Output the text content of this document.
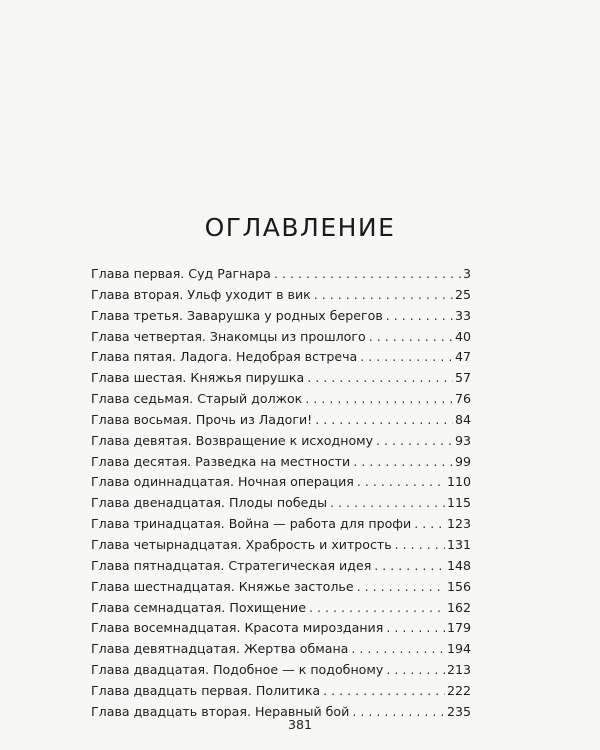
ОГЛАВЛЕНИЕ
Глава первая. Суд Рагнара . . .	3
Глава вторая. Ульф уходит в вик . . .	25
Глава третья. Заварушка у родных берегов . . .	33
Глава четвертая. Знакомцы из прошлого . . .	40
Глава пятая. Ладога. Недобрая встреча . . .	47
Глава шестая. Княжья пирушка . . .	57
Глава седьмая. Старый должок . . .	76
Глава восьмая. Прочь из Ладоги! . . .	84
Глава девятая. Возвращение к исходному . . .	93
Глава десятая. Разведка на местности . . .	99
Глава одиннадцатая. Ночная операция . . .	110
Глава двенадцатая. Плоды победы . . .	115
Глава тринадцатая. Война — работа для профи . . .	123
Глава четырнадцатая. Храбрость и хитрость . . .	131
Глава пятнадцатая. Стратегическая идея . . .	148
Глава шестнадцатая. Княжье застолье . . .	156
Глава семнадцатая. Похищение . . .	162
Глава восемнадцатая. Красота мироздания . . .	179
Глава девятнадцатая. Жертва обмана . . .	194
Глава двадцатая. Подобное — к подобному . . .	213
Глава двадцать первая. Политика . . .	222
Глава двадцать вторая. Неравный бой . . .	235
381
